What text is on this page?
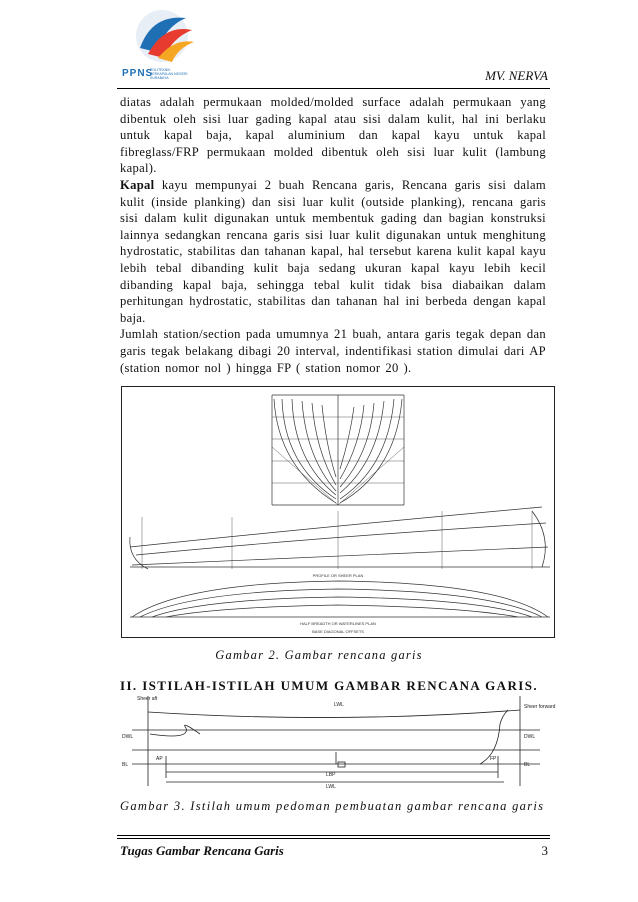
PPNS
POLITEKNIK PERKAPALAN NEGERI SURABAYA	MV. NERVA

diatas adalah permukaan molded/molded surface adalah permukaan yang dibentuk oleh sisi luar gading kapal atau sisi dalam kulit, hal ini berlaku untuk kapal baja, kapal aluminium dan kapal kayu untuk kapal fibreglass/FRP permukaan molded dibentuk oleh sisi luar kulit (lambung kapal).

Kapal kayu mempunyai 2 buah Rencana garis, Rencana garis sisi dalam kulit (inside planking) dan sisi luar kulit (outside planking), rencana garis sisi dalam kulit digunakan untuk membentuk gading dan bagian konstruksi lainnya sedangkan rencana garis sisi luar kulit digunakan untuk menghitung hydrostatic, stabilitas dan tahanan kapal, hal tersebut karena kulit kapal kayu lebih tebal dibanding kulit baja sedang ukuran kapal kayu lebih kecil dibanding kapal baja, sehingga tebal kulit tidak bisa diabaikan dalam perhitungan hydrostatic, stabilitas dan tahanan hal ini berbeda dengan kapal baja.

Jumlah station/section pada umumnya 21 buah, antara garis tegak depan dan garis tegak belakang dibagi 20 interval, indentifikasi station dimulai dari AP (station nomor nol ) hingga FP ( station nomor 20 ).

PROFILE OR SHEER PLAN
HALF BREADTH OR WATERLINES PLAN
BASE DIAGONAL OFFSETS
Gambar 2. Gambar rencana garis
II. ISTILAH-ISTILAH UMUM GAMBAR RENCANA GARIS.
Sheer aft
Sheer forward
LWL
DWL	DWL
BL	BL
AP	FP
LBP
LWL
Gambar 3. Istilah umum pedoman pembuatan gambar rencana garis
Tugas Gambar Rencana Garis	3
